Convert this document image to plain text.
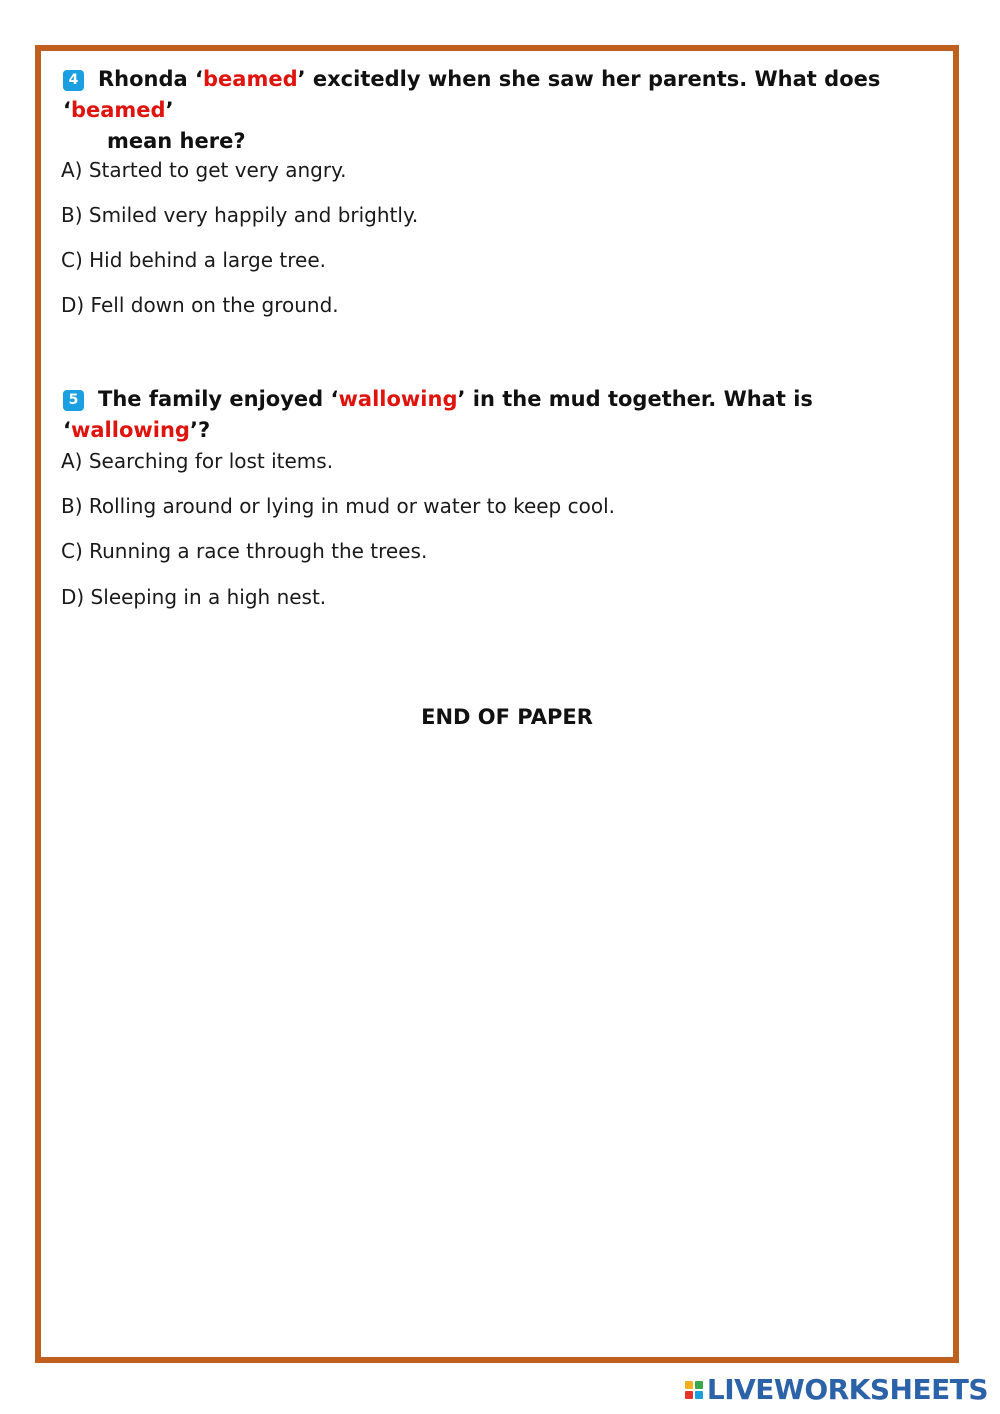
4 Rhonda ‘beamed’ excitedly when she saw her parents. What does ‘beamed’
mean here?
A) Started to get very angry.
B) Smiled very happily and brightly.
C) Hid behind a large tree.
D) Fell down on the ground.
5 The family enjoyed ‘wallowing’ in the mud together. What is ‘wallowing’?
A) Searching for lost items.
B) Rolling around or lying in mud or water to keep cool.
C) Running a race through the trees.
D) Sleeping in a high nest.
END OF PAPER
LIVEWORKSHEETS
